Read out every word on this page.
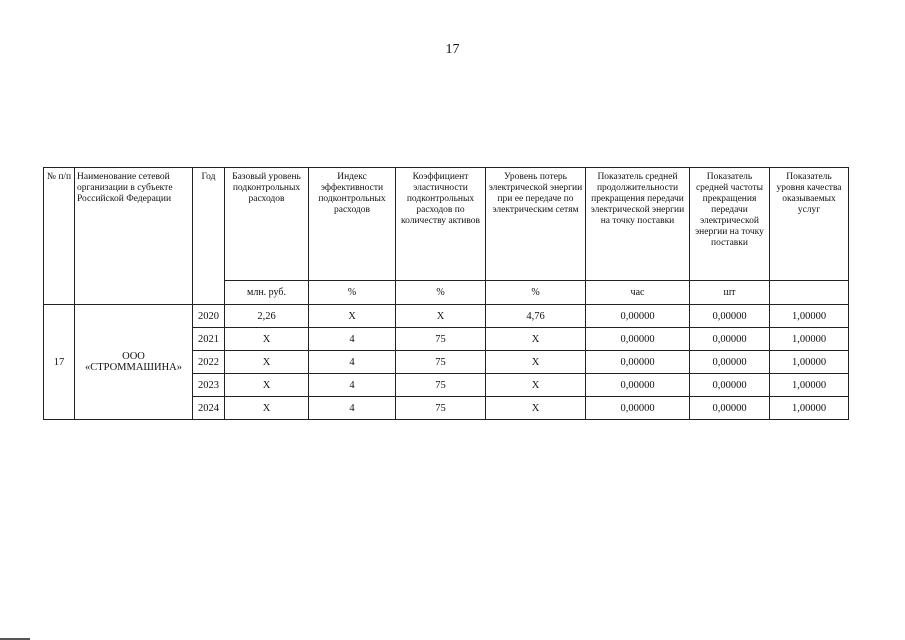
17
№ п/п	Наименование сетевой организации в субъекте Российской Федерации	Год	Базовый уровень подконтрольных расходов	Индекс эффективности подконтрольных расходов	Коэффициент эластичности подконтрольных расходов по количеству активов	Уровень потерь электрической энергии при ее передаче по электрическим сетям	Показатель средней продолжительности прекращения передачи электрической энергии на точку поставки	Показатель средней частоты прекращения передачи электрической энергии на точку поставки	Показатель уровня качества оказываемых услуг
			млн. руб.	%	%	%	час	шт	
17	ООО «СТРОММАШИНА»	2020	2,26	X	X	4,76	0,00000	0,00000	1,00000
		2021	X	4	75	X	0,00000	0,00000	1,00000
		2022	X	4	75	X	0,00000	0,00000	1,00000
		2023	X	4	75	X	0,00000	0,00000	1,00000
		2024	X	4	75	X	0,00000	0,00000	1,00000
